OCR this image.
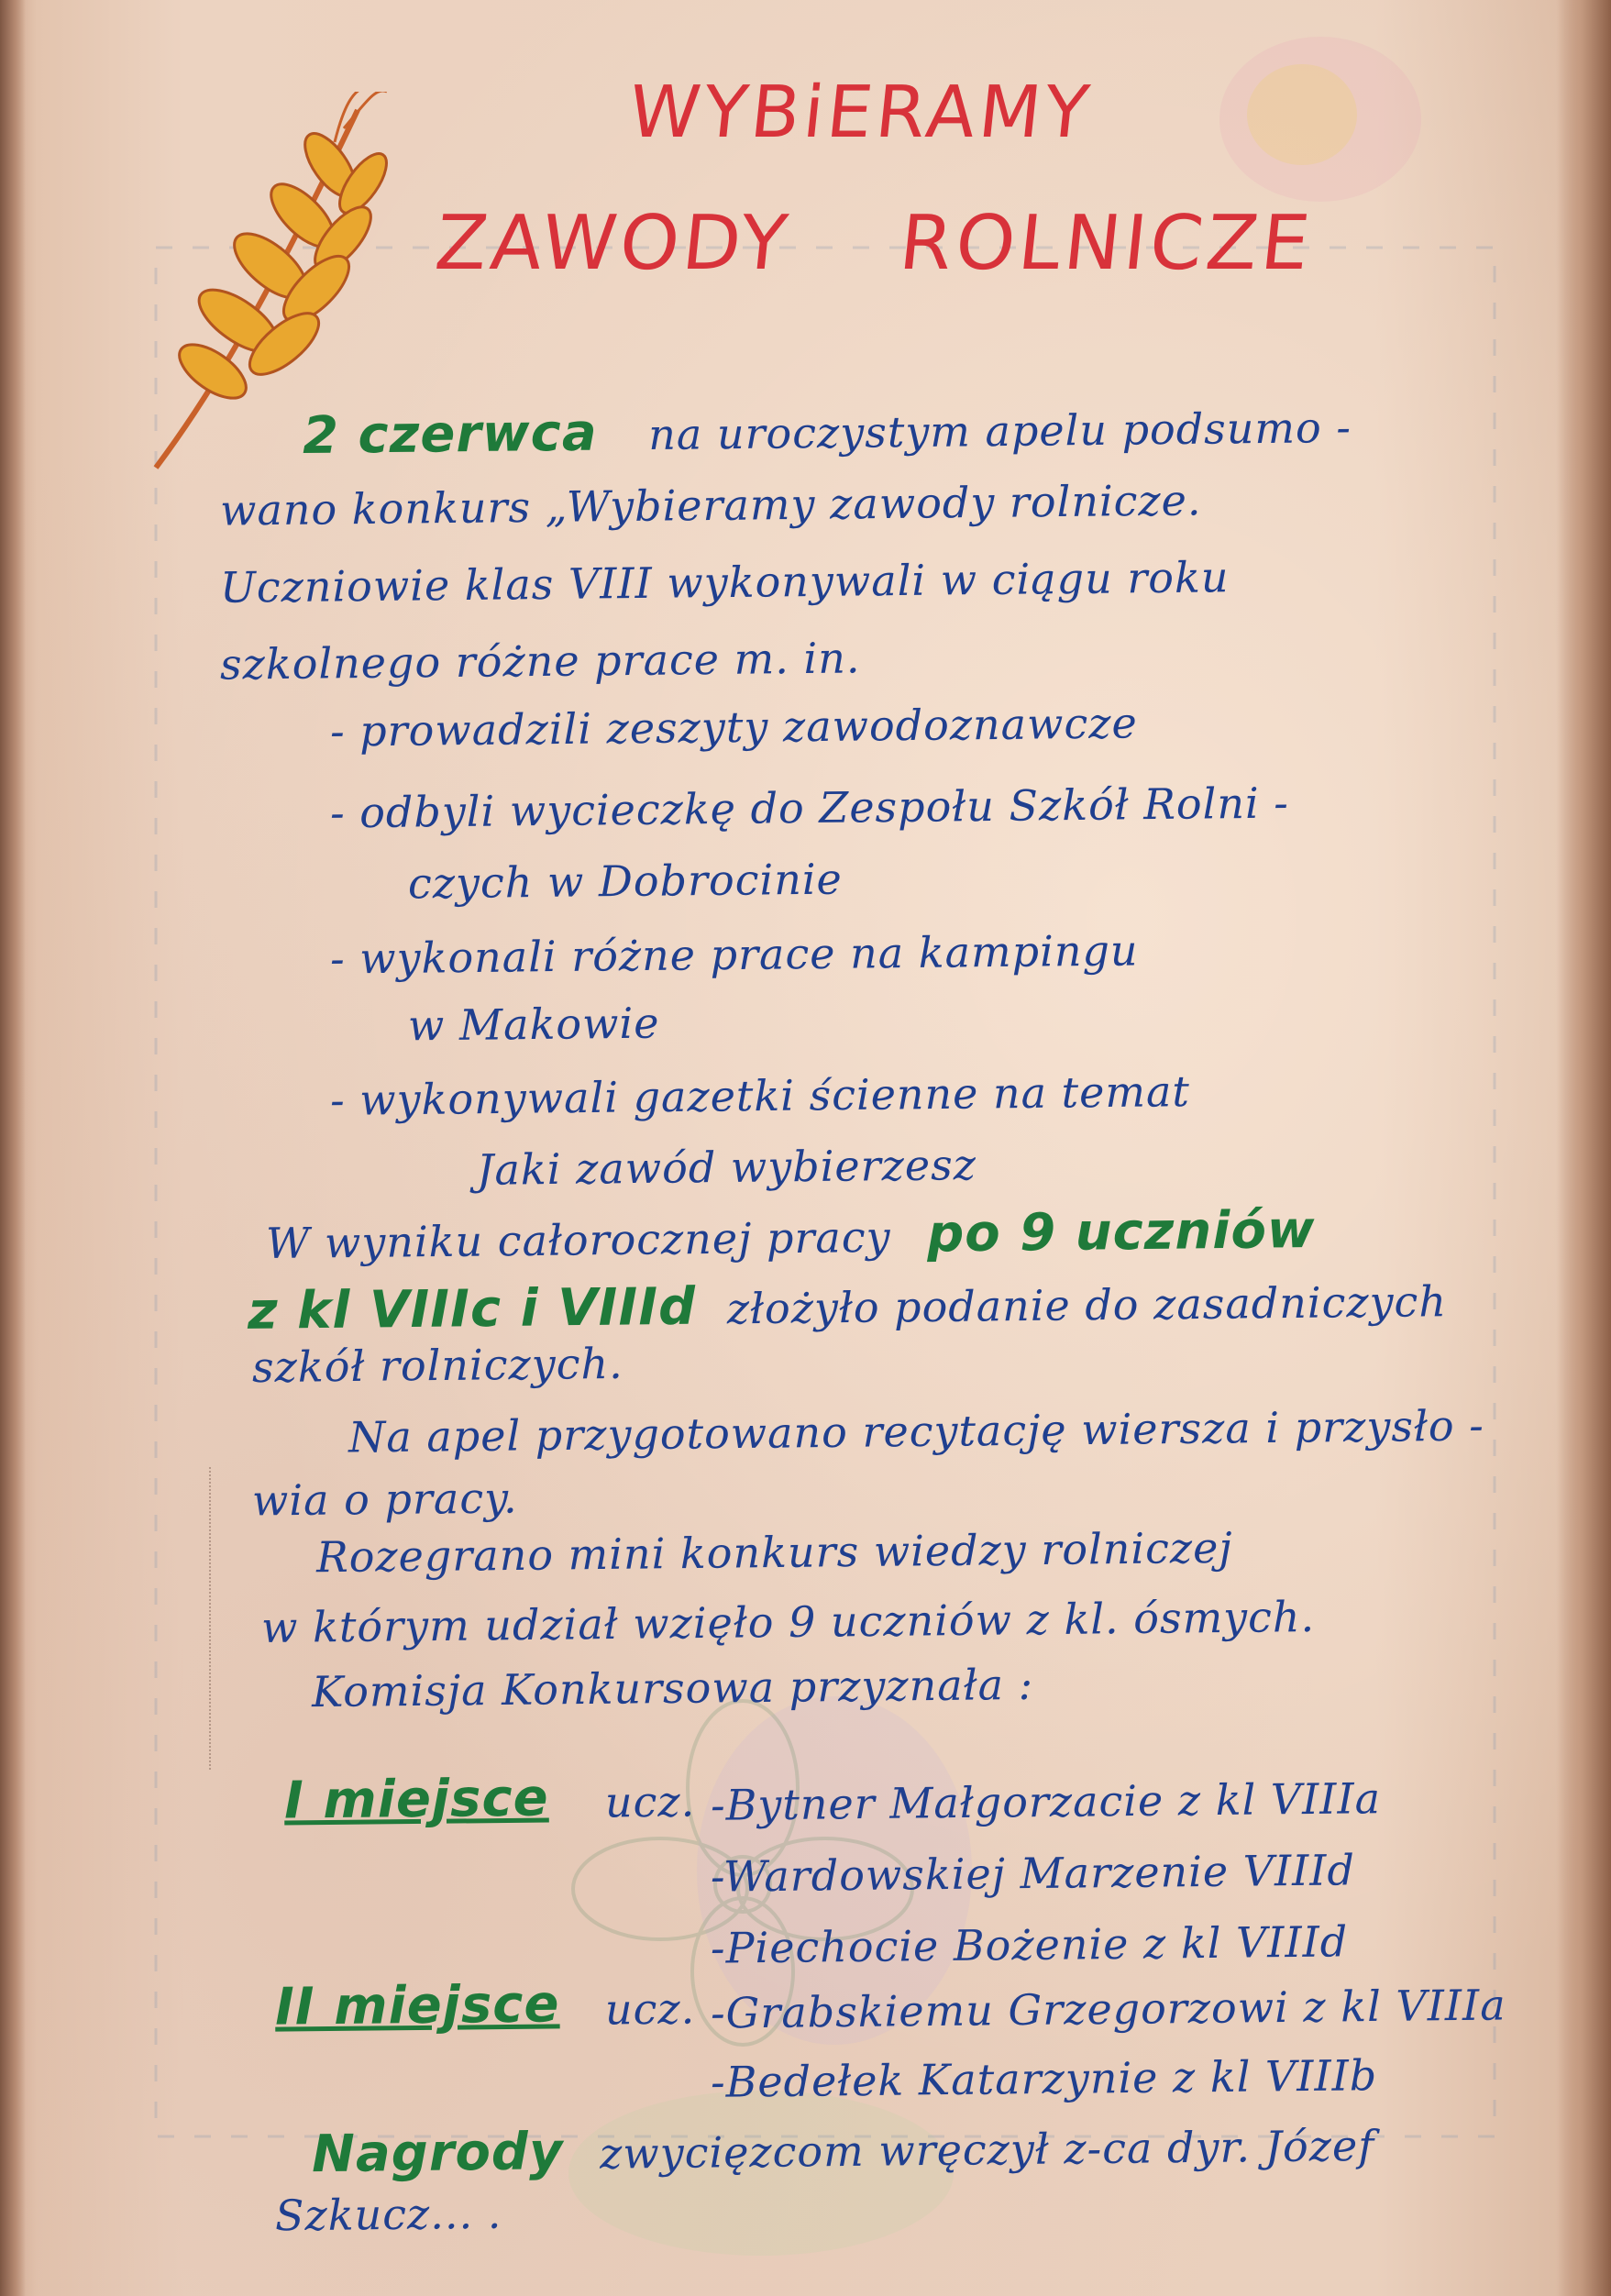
WYBiERAMY
ZAWODY ROLNICZE
2 czerwca na uroczystym apelu podsumo -
wano konkurs „Wybieramy zawody rolnicze.
Uczniowie klas VIII wykonywali w ciągu roku
szkolnego różne prace m. in.
- prowadzili zeszyty zawodoznawcze
- odbyli wycieczkę do Zespołu Szkół Rolni -
czych w Dobrocinie
- wykonali różne prace na kampingu
w Makowie
- wykonywali gazetki ścienne na temat
Jaki zawód wybierzesz
W wyniku całorocznej pracy po 9 uczniów
z kl VIIIc i VIIId złożyło podanie do zasadniczych
szkół rolniczych.
Na apel przygotowano recytację wiersza i przysło -
wia o pracy.
Rozegrano mini konkurs wiedzy rolniczej
w którym udział wzięło 9 uczniów z kl. ósmych.
Komisja Konkursowa przyznała :
I miejsce ucz. -Bytner Małgorzacie z kl VIIIa
-Wardowskiej Marzenie VIIId
-Piechocie Bożenie z kl VIIId
II miejsce ucz. -Grabskiemu Grzegorzowi z kl VIIIa
-Bedełek Katarzynie z kl VIIIb
Nagrody zwycięzcom wręczył z-ca dyr. Józef
Szkucz... .
